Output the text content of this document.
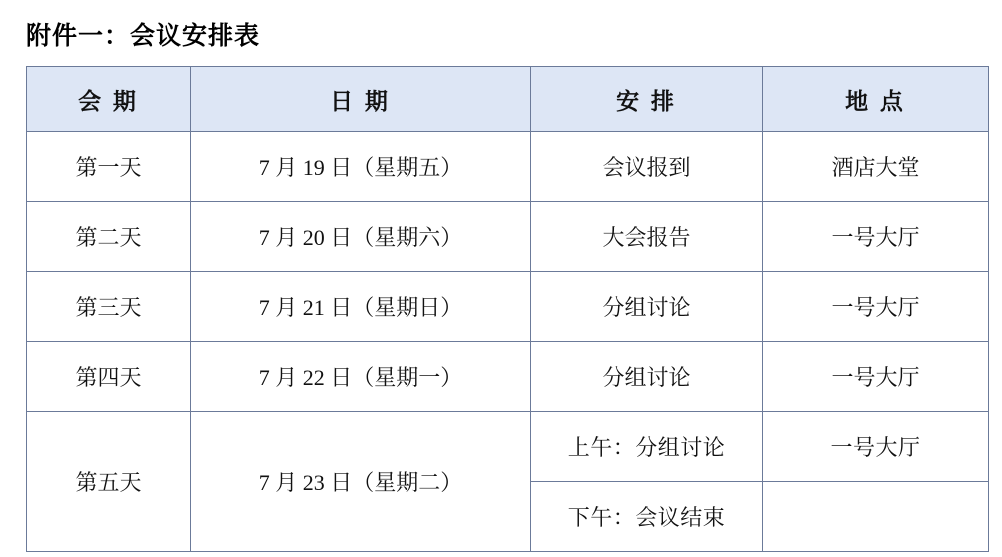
附件一：会议安排表
会 期	日 期	安 排	地 点
第一天	7 月 19 日（星期五）	会议报到	酒店大堂
第二天	7 月 20 日（星期六）	大会报告	一号大厅
第三天	7 月 21 日（星期日）	分组讨论	一号大厅
第四天	7 月 22 日（星期一）	分组讨论	一号大厅
第五天	7 月 23 日（星期二）	上午：分组讨论	一号大厅
		下午：会议结束	
